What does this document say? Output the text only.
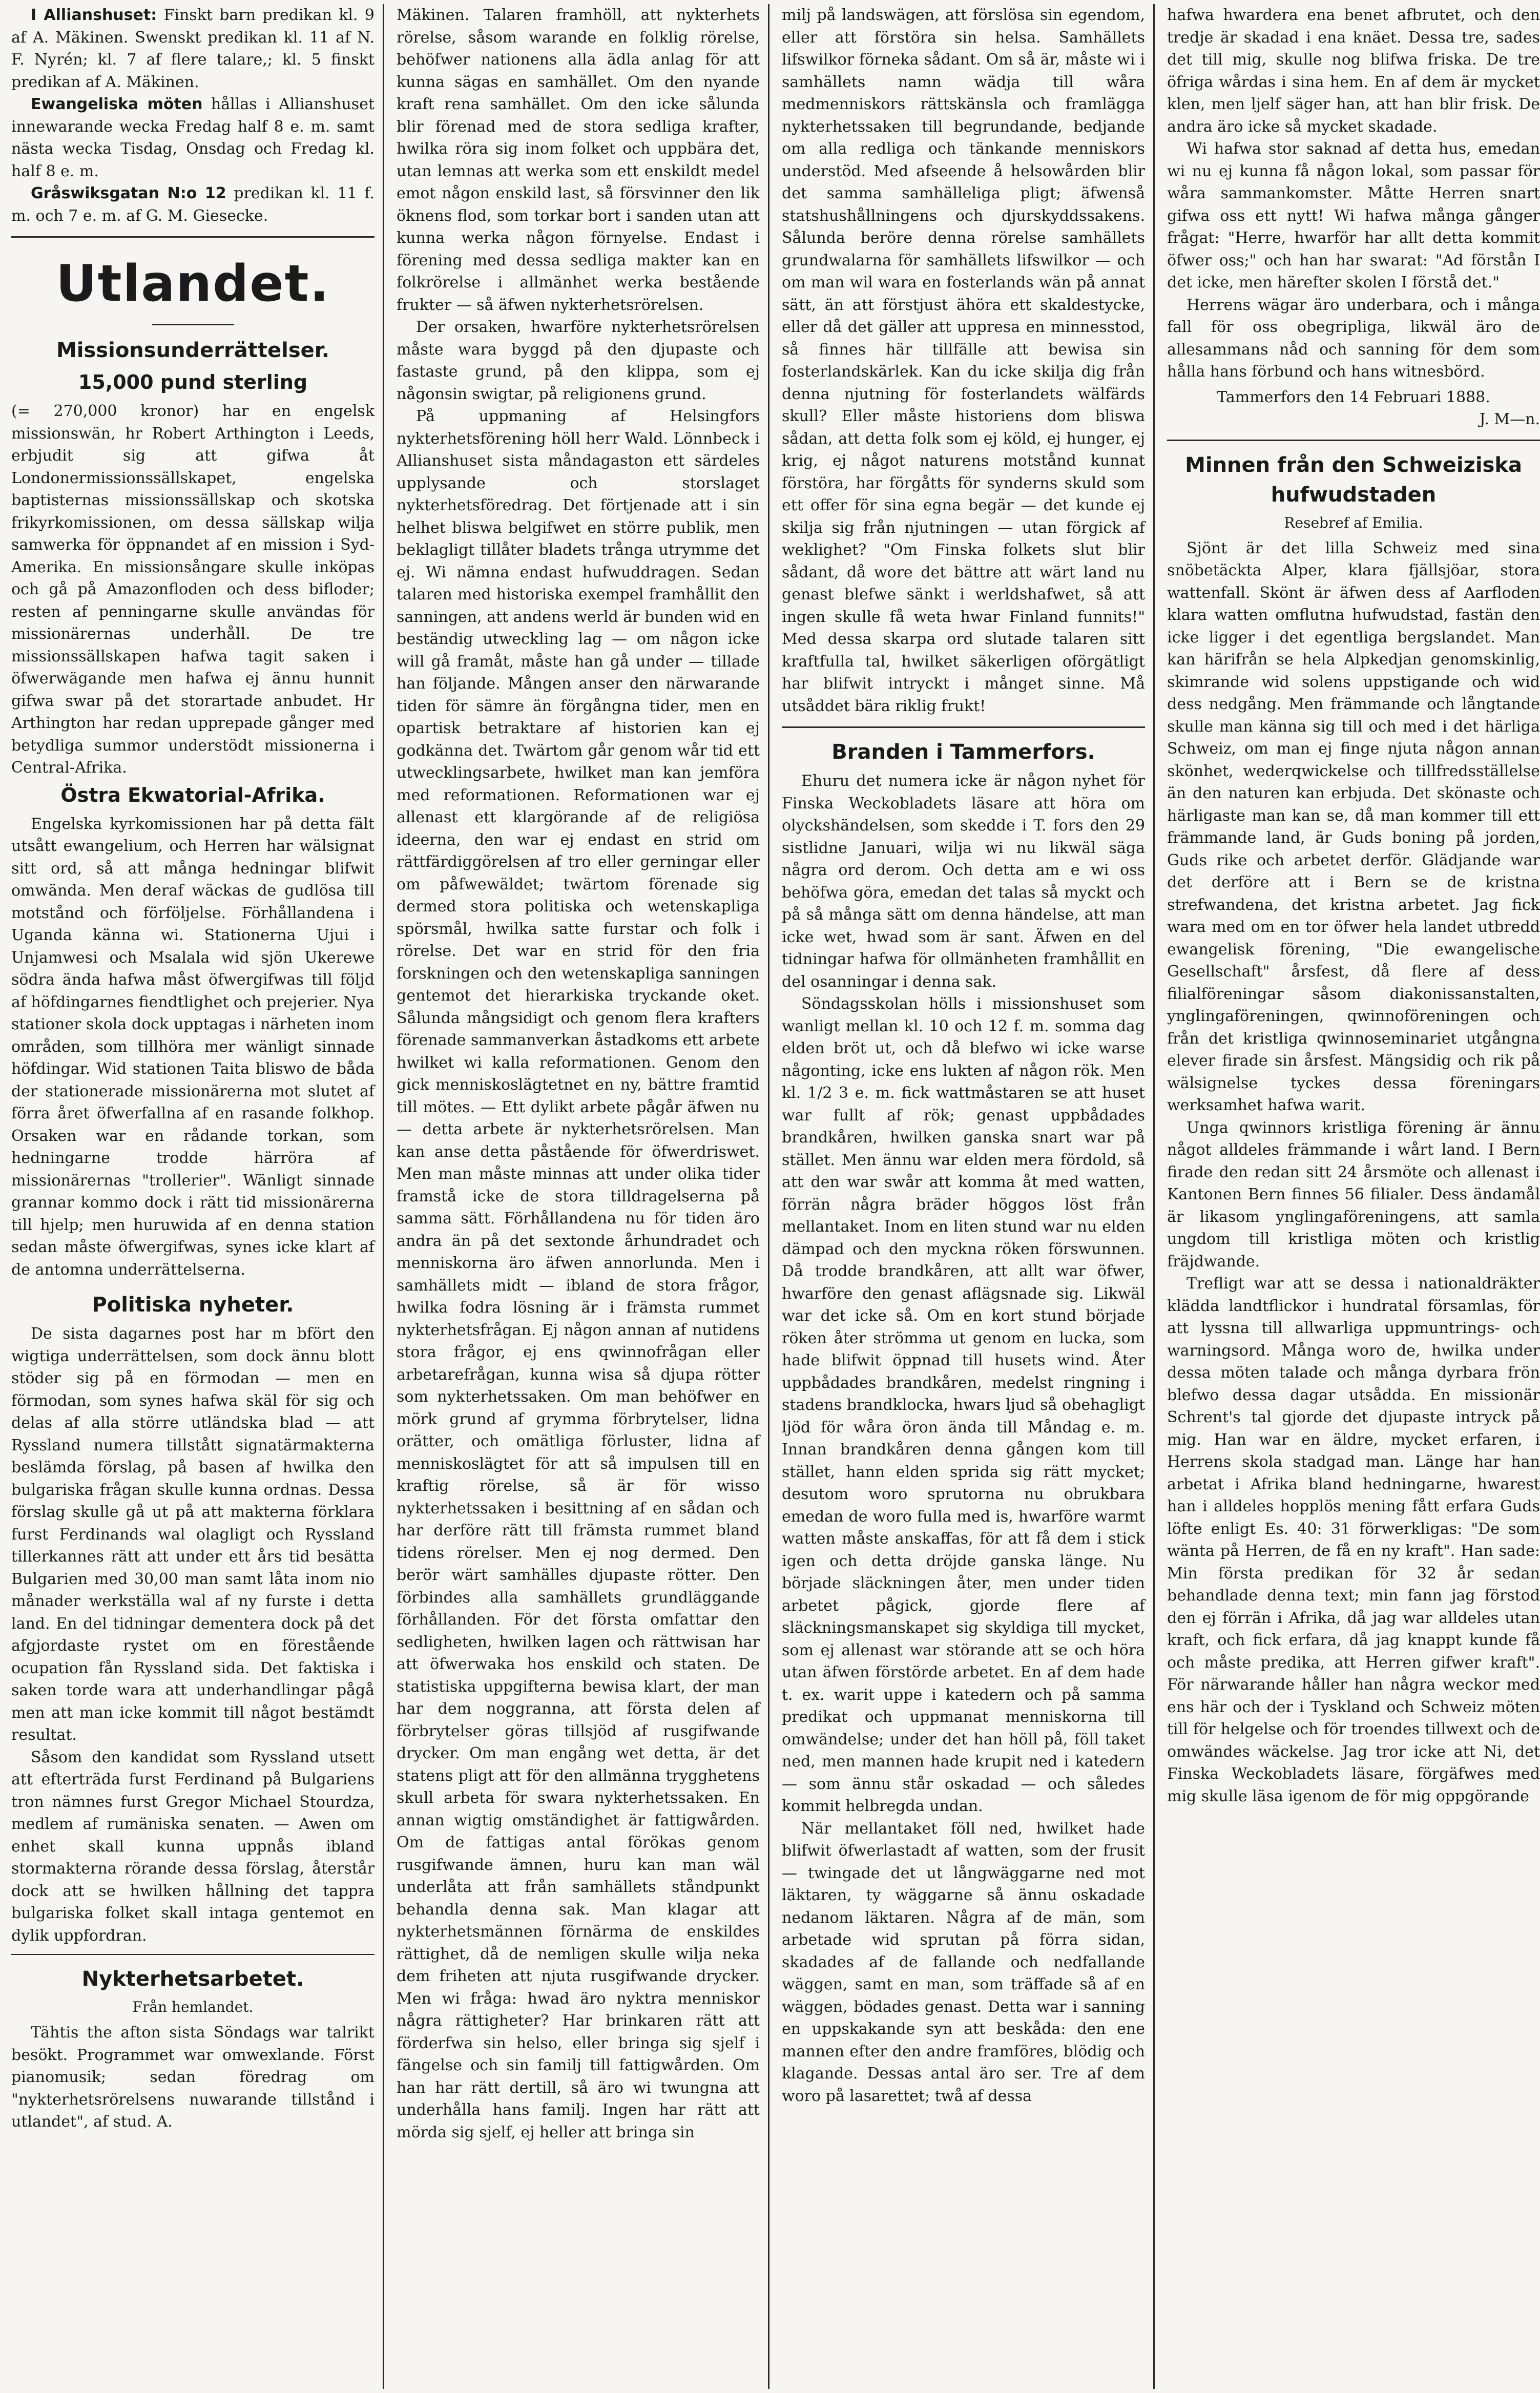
I Allianshuset: Finskt barn predikan kl. 9 af A. Mäkinen. Swenskt predikan kl. 11 af N. F. Nyrén; kl. 7 af flere talare,; kl. 5 finskt predikan af A. Mäkinen.

Ewangeliska möten hållas i Allianshuset innewarande wecka Fredag half 8 e. m. samt nästa wecka Tisdag, Onsdag och Fredag kl. half 8 e. m.

Gråswiksgatan N:o 12 predikan kl. 11 f. m. och 7 e. m. af G. M. Giesecke.

Utlandet.
Missionsunderrättelser.
15,000 pund sterling

(= 270,000 kronor) har en engelsk missionswän, hr Robert Arthington i Leeds, erbjudit sig att gifwa åt Londonermissionssällskapet, engelska baptisternas missionssällskap och skotska frikyrkomissionen, om dessa sällskap wilja samwerka för öppnandet af en mission i Syd-Amerika. En missionsångare skulle inköpas och gå på Amazonfloden och dess bifloder; resten af penningarne skulle användas för missionärernas underhåll. De tre missionssällskapen hafwa tagit saken i öfwerwägande men hafwa ej ännu hunnit gifwa swar på det storartade anbudet. Hr Arthington har redan upprepade gånger med betydliga summor understödt missionerna i Central-Afrika.

Östra Ekwatorial-Afrika.

Engelska kyrkomissionen har på detta fält utsått ewangelium, och Herren har wälsignat sitt ord, så att många hedningar blifwit omwända. Men deraf wäckas de gudlösa till motstånd och förföljelse. Förhållandena i Uganda känna wi. Stationerna Ujui i Unjamwesi och Msalala wid sjön Ukerewe södra ända hafwa måst öfwergifwas till följd af höfdingarnes fiendtlighet och prejerier. Nya stationer skola dock upptagas i närheten inom områden, som tillhöra mer wänligt sinnade höfdingar. Wid stationen Taita bliswo de båda der stationerade missionärerna mot slutet af förra året öfwerfallna af en rasande folkhop. Orsaken war en rådande torkan, som hedningarne trodde härröra af missionärernas "trollerier". Wänligt sinnade grannar kommo dock i rätt tid missionärerna till hjelp; men huruwida af en denna station sedan måste öfwergifwas, synes icke klart af de antomna underrättelserna.

Politiska nyheter.

De sista dagarnes post har m bfört den wigtiga underrättelsen, som dock ännu blott stöder sig på en förmodan — men en förmodan, som synes hafwa skäl för sig och delas af alla större utländska blad — att Ryssland numera tillstått signatärmakterna beslämda förslag, på basen af hwilka den bulgariska frågan skulle kunna ordnas. Dessa förslag skulle gå ut på att makterna förklara furst Ferdinands wal olagligt och Ryssland tillerkannes rätt att under ett års tid besätta Bulgarien med 30,00 man samt låta inom nio månader werkställa wal af ny furste i detta land. En del tidningar dementera dock på det afgjordaste rystet om en förestående ocupation fån Ryssland sida. Det faktiska i saken torde wara att underhandlingar pågå men att man icke kommit till något bestämdt resultat.

Såsom den kandidat som Ryssland utsett att efterträda furst Ferdinand på Bulgariens tron nämnes furst Gregor Michael Stourdza, medlem af rumäniska senaten. — Awen om enhet skall kunna uppnås ibland stormakterna rörande dessa förslag, återstår dock att se hwilken hållning det tappra bulgariska folket skall intaga gentemot en dylik uppfordran.

Nykterhetsarbetet.
Från hemlandet.

Tähtis the afton sista Söndags war talrikt besökt. Programmet war omwexlande. Först pianomusik; sedan föredrag om "nykterhetsrörelsens nuwarande tillstånd i utlandet", af stud. A.

Mäkinen. Talaren framhöll, att nykterhets rörelse, såsom warande en folklig rörelse, behöfwer nationens alla ädla anlag för att kunna sägas en samhället. Om den nyande kraft rena samhället. Om den icke sålunda blir förenad med de stora sedliga krafter, hwilka röra sig inom folket och uppbära det, utan lemnas att werka som ett enskildt medel emot någon enskild last, så försvinner den lik öknens flod, som torkar bort i sanden utan att kunna werka någon förnyelse. Endast i förening med dessa sedliga makter kan en folkrörelse i allmänhet werka bestående frukter — så äfwen nykterhetsrörelsen.

Der orsaken, hwarföre nykterhetsrörelsen måste wara byggd på den djupaste och fastaste grund, på den klippa, som ej någonsin swigtar, på religionens grund.

På uppmaning af Helsingfors nykterhetsförening höll herr Wald. Lönnbeck i Allianshuset sista måndagaston ett särdeles upplysande och storslaget nykterhetsföredrag. Det förtjenade att i sin helhet bliswa belgifwet en större publik, men beklagligt tillåter bladets trånga utrymme det ej. Wi nämna endast hufwuddragen. Sedan talaren med historiska exempel framhållit den sanningen, att andens werld är bunden wid en beständig utweckling lag — om någon icke will gå framåt, måste han gå under — tillade han följande. Mången anser den närwarande tiden för sämre än förgångna tider, men en opartisk betraktare af historien kan ej godkänna det. Twärtom går genom wår tid ett utwecklingsarbete, hwilket man kan jemföra med reformationen. Reformationen war ej allenast ett klargörande af de religiösa ideerna, den war ej endast en strid om rättfärdiggörelsen af tro eller gerningar eller om påfwewäldet; twärtom förenade sig dermed stora politiska och wetenskapliga spörsmål, hwilka satte furstar och folk i rörelse. Det war en strid för den fria forskningen och den wetenskapliga sanningen gentemot det hierarkiska tryckande oket. Sålunda mångsidigt och genom flera krafters förenade sammanverkan åstadkoms ett arbete hwilket wi kalla reformationen. Genom den gick menniskoslägtetnet en ny, bättre framtid till mötes. — Ett dylikt arbete pågår äfwen nu — detta arbete är nykterhetsrörelsen. Man kan anse detta påstående för öfwerdriswet. Men man måste minnas att under olika tider framstå icke de stora tilldragelserna på samma sätt. Förhållandena nu för tiden äro andra än på det sextonde århundradet och menniskorna äro äfwen annorlunda. Men i samhällets midt — ibland de stora frågor, hwilka fodra lösning är i främsta rummet nykterhetsfrågan. Ej någon annan af nutidens stora frågor, ej ens qwinnofrågan eller arbetarefrågan, kunna wisa så djupa rötter som nykterhetssaken. Om man behöfwer en mörk grund af grymma förbrytelser, lidna orätter, och omätliga förluster, lidna af menniskoslägtet för att så impulsen till en kraftig rörelse, så är för wisso nykterhetssaken i besittning af en sådan och har derföre rätt till främsta rummet bland tidens rörelser. Men ej nog dermed. Den berör wärt samhälles djupaste rötter. Den förbindes alla samhällets grundläggande förhållanden. För det första omfattar den sedligheten, hwilken lagen och rättwisan har att öfwerwaka hos enskild och staten. De statistiska uppgifterna bewisa klart, der man har dem noggranna, att första delen af förbrytelser göras tillsjöd af rusgifwande drycker. Om man engång wet detta, är det statens pligt att för den allmänna trygghetens skull arbeta för swara nykterhetssaken. En annan wigtig omständighet är fattigwården. Om de fattigas antal förökas genom rusgifwande ämnen, huru kan man wäl underlåta att från samhällets ståndpunkt behandla denna sak. Man klagar att nykterhetsmännen förnärma de enskildes rättighet, då de nemligen skulle wilja neka dem friheten att njuta rusgifwande drycker. Men wi fråga: hwad äro nyktra menniskor några rättigheter? Har brinkaren rätt att förderfwa sin helso, eller bringa sig sjelf i fängelse och sin familj till fattigwården. Om han har rätt dertill, så äro wi twungna att underhålla hans familj. Ingen har rätt att mörda sig sjelf, ej heller att bringa sin

milj på landswägen, att förslösa sin egendom, eller att förstöra sin helsa. Samhällets lifswilkor förneka sådant. Om så är, måste wi i samhällets namn wädja till wåra medmenniskors rättskänsla och framlägga nykterhetssaken till begrundande, bedjande om alla redliga och tänkande menniskors understöd. Med afseende å helsowården blir det samma samhälleliga pligt; äfwenså statshushållningens och djurskyddssakens. Sålunda beröre denna rörelse samhällets grundwalarna för samhällets lifswilkor — och om man wil wara en fosterlands wän på annat sätt, än att förstjust ähöra ett skaldestycke, eller då det gäller att uppresa en minnesstod, så finnes här tillfälle att bewisa sin fosterlandskärlek. Kan du icke skilja dig från denna njutning för fosterlandets wälfärds skull? Eller måste historiens dom bliswa sådan, att detta folk som ej köld, ej hunger, ej krig, ej något naturens motstånd kunnat förstöra, har förgåtts för synderns skuld som ett offer för sina egna begär — det kunde ej skilja sig från njutningen — utan förgick af weklighet? "Om Finska folkets slut blir sådant, då wore det bättre att wärt land nu genast blefwe sänkt i werldshafwet, så att ingen skulle få weta hwar Finland funnits!" Med dessa skarpa ord slutade talaren sitt kraftfulla tal, hwilket säkerligen oförgätligt har blifwit intryckt i månget sinne. Må utsåddet bära riklig frukt!

Branden i Tammerfors.

Ehuru det numera icke är någon nyhet för Finska Weckobladets läsare att höra om olyckshändelsen, som skedde i T. fors den 29 sistlidne Januari, wilja wi nu likwäl säga några ord derom. Och detta am e wi oss behöfwa göra, emedan det talas så myckt och på så många sätt om denna händelse, att man icke wet, hwad som är sant. Äfwen en del tidningar hafwa för ollmänheten framhållit en del osanningar i denna sak.

Söndagsskolan hölls i missionshuset som wanligt mellan kl. 10 och 12 f. m. somma dag elden bröt ut, och då blefwo wi icke warse någonting, icke ens lukten af någon rök. Men kl. 1/2 3 e. m. fick wattmåstaren se att huset war fullt af rök; genast uppbådades brandkåren, hwilken ganska snart war på stället. Men ännu war elden mera fördold, så att den war swår att komma åt med watten, förrän några bräder höggos löst från mellantaket. Inom en liten stund war nu elden dämpad och den myckna röken förswunnen. Då trodde brandkåren, att allt war öfwer, hwarföre den genast aflägsnade sig. Likwäl war det icke så. Om en kort stund började röken åter strömma ut genom en lucka, som hade blifwit öppnad till husets wind. Åter uppbådades brandkåren, medelst ringning i stadens brandklocka, hwars ljud så obehagligt ljöd för wåra öron ända till Måndag e. m. Innan brandkåren denna gången kom till stället, hann elden sprida sig rätt mycket; desutom woro sprutorna nu obrukbara emedan de woro fulla med is, hwarföre warmt watten måste anskaffas, för att få dem i stick igen och detta dröjde ganska länge. Nu började släckningen åter, men under tiden arbetet pågick, gjorde flere af släckningsmanskapet sig skyldiga till mycket, som ej allenast war störande att se och höra utan äfwen förstörde arbetet. En af dem hade t. ex. warit uppe i katedern och på samma predikat och uppmanat menniskorna till omwändelse; under det han höll på, föll taket ned, men mannen hade krupit ned i katedern — som ännu står oskadad — och således kommit helbregda undan.

När mellantaket föll ned, hwilket hade blifwit öfwerlastadt af watten, som der frusit — twingade det ut långwäggarne ned mot läktaren, ty wäggarne så ännu oskadade nedanom läktaren. Några af de män, som arbetade wid sprutan på förra sidan, skadades af de fallande och nedfallande wäggen, samt en man, som träffade så af en wäggen, bödades genast. Detta war i sanning en uppskakande syn att beskåda: den ene mannen efter den andre framföres, blödig och klagande. Dessas antal äro ser. Tre af dem woro på lasarettet; twå af dessa

hafwa hwardera ena benet afbrutet, och den tredje är skadad i ena knäet. Dessa tre, sades det till mig, skulle nog blifwa friska. De tre öfriga wårdas i sina hem. En af dem är mycket klen, men ljelf säger han, att han blir frisk. De andra äro icke så mycket skadade.

Wi hafwa stor saknad af detta hus, emedan wi nu ej kunna få någon lokal, som passar för wåra sammankomster. Måtte Herren snart gifwa oss ett nytt! Wi hafwa många gånger frågat: "Herre, hwarför har allt detta kommit öfwer oss;" och han har swarat: "Ad förstån I det icke, men härefter skolen I förstå det."

Herrens wägar äro underbara, och i många fall för oss obegripliga, likwäl äro de allesammans nåd och sanning för dem som hålla hans förbund och hans witnesbörd.

Tammerfors den 14 Februari 1888.
J. M—n.
Minnen från den Schweiziska hufwudstaden
Resebref af Emilia.

Sjönt är det lilla Schweiz med sina snöbetäckta Alper, klara fjällsjöar, stora wattenfall. Skönt är äfwen dess af Aarfloden klara watten omflutna hufwudstad, fastän den icke ligger i det egentliga bergslandet. Man kan härifrån se hela Alpkedjan genomskinlig, skimrande wid solens uppstigande och wid dess nedgång. Men främmande och långtande skulle man känna sig till och med i det härliga Schweiz, om man ej finge njuta någon annan skönhet, wederqwickelse och tillfredsställelse än den naturen kan erbjuda. Det skönaste och härligaste man kan se, då man kommer till ett främmande land, är Guds boning på jorden, Guds rike och arbetet derför. Glädjande war det derföre att i Bern se de kristna strefwandena, det kristna arbetet. Jag fick wara med om en tor öfwer hela landet utbredd ewangelisk förening, "Die ewangelische Gesellschaft" årsfest, då flere af dess filialföreningar såsom diakonissanstalten, ynglingaföreningen, qwinnoföreningen och från det kristliga qwinnoseminariet utgångna elever firade sin årsfest. Mängsidig och rik på wälsignelse tyckes dessa föreningars werksamhet hafwa warit.

Unga qwinnors kristliga förening är ännu något alldeles främmande i wårt land. I Bern firade den redan sitt 24 årsmöte och allenast i Kantonen Bern finnes 56 filialer. Dess ändamål är likasom ynglingaföreningens, att samla ungdom till kristliga möten och kristlig fräjdwande.

Trefligt war att se dessa i nationaldräkter klädda landtflickor i hundratal församlas, för att lyssna till allwarliga uppmuntrings- och warningsord. Många woro de, hwilka under dessa möten talade och många dyrbara frön blefwo dessa dagar utsådda. En missionär Schrent's tal gjorde det djupaste intryck på mig. Han war en äldre, mycket erfaren, i Herrens skola stadgad man. Länge har han arbetat i Afrika bland hedningarne, hwarest han i alldeles hopplös mening fått erfara Guds löfte enligt Es. 40: 31 förwerkligas: "De som wänta på Herren, de få en ny kraft". Han sade: Min första predikan för 32 år sedan behandlade denna text; min fann jag förstod den ej förrän i Afrika, då jag war alldeles utan kraft, och fick erfara, då jag knappt kunde få och måste predika, att Herren gifwer kraft". För närwarande håller han några weckor med ens här och der i Tyskland och Schweiz möten till för helgelse och för troendes tillwext och de omwändes wäckelse. Jag tror icke att Ni, det Finska Weckobladets läsare, förgäfwes med mig skulle läsa igenom de för mig oppgörande
